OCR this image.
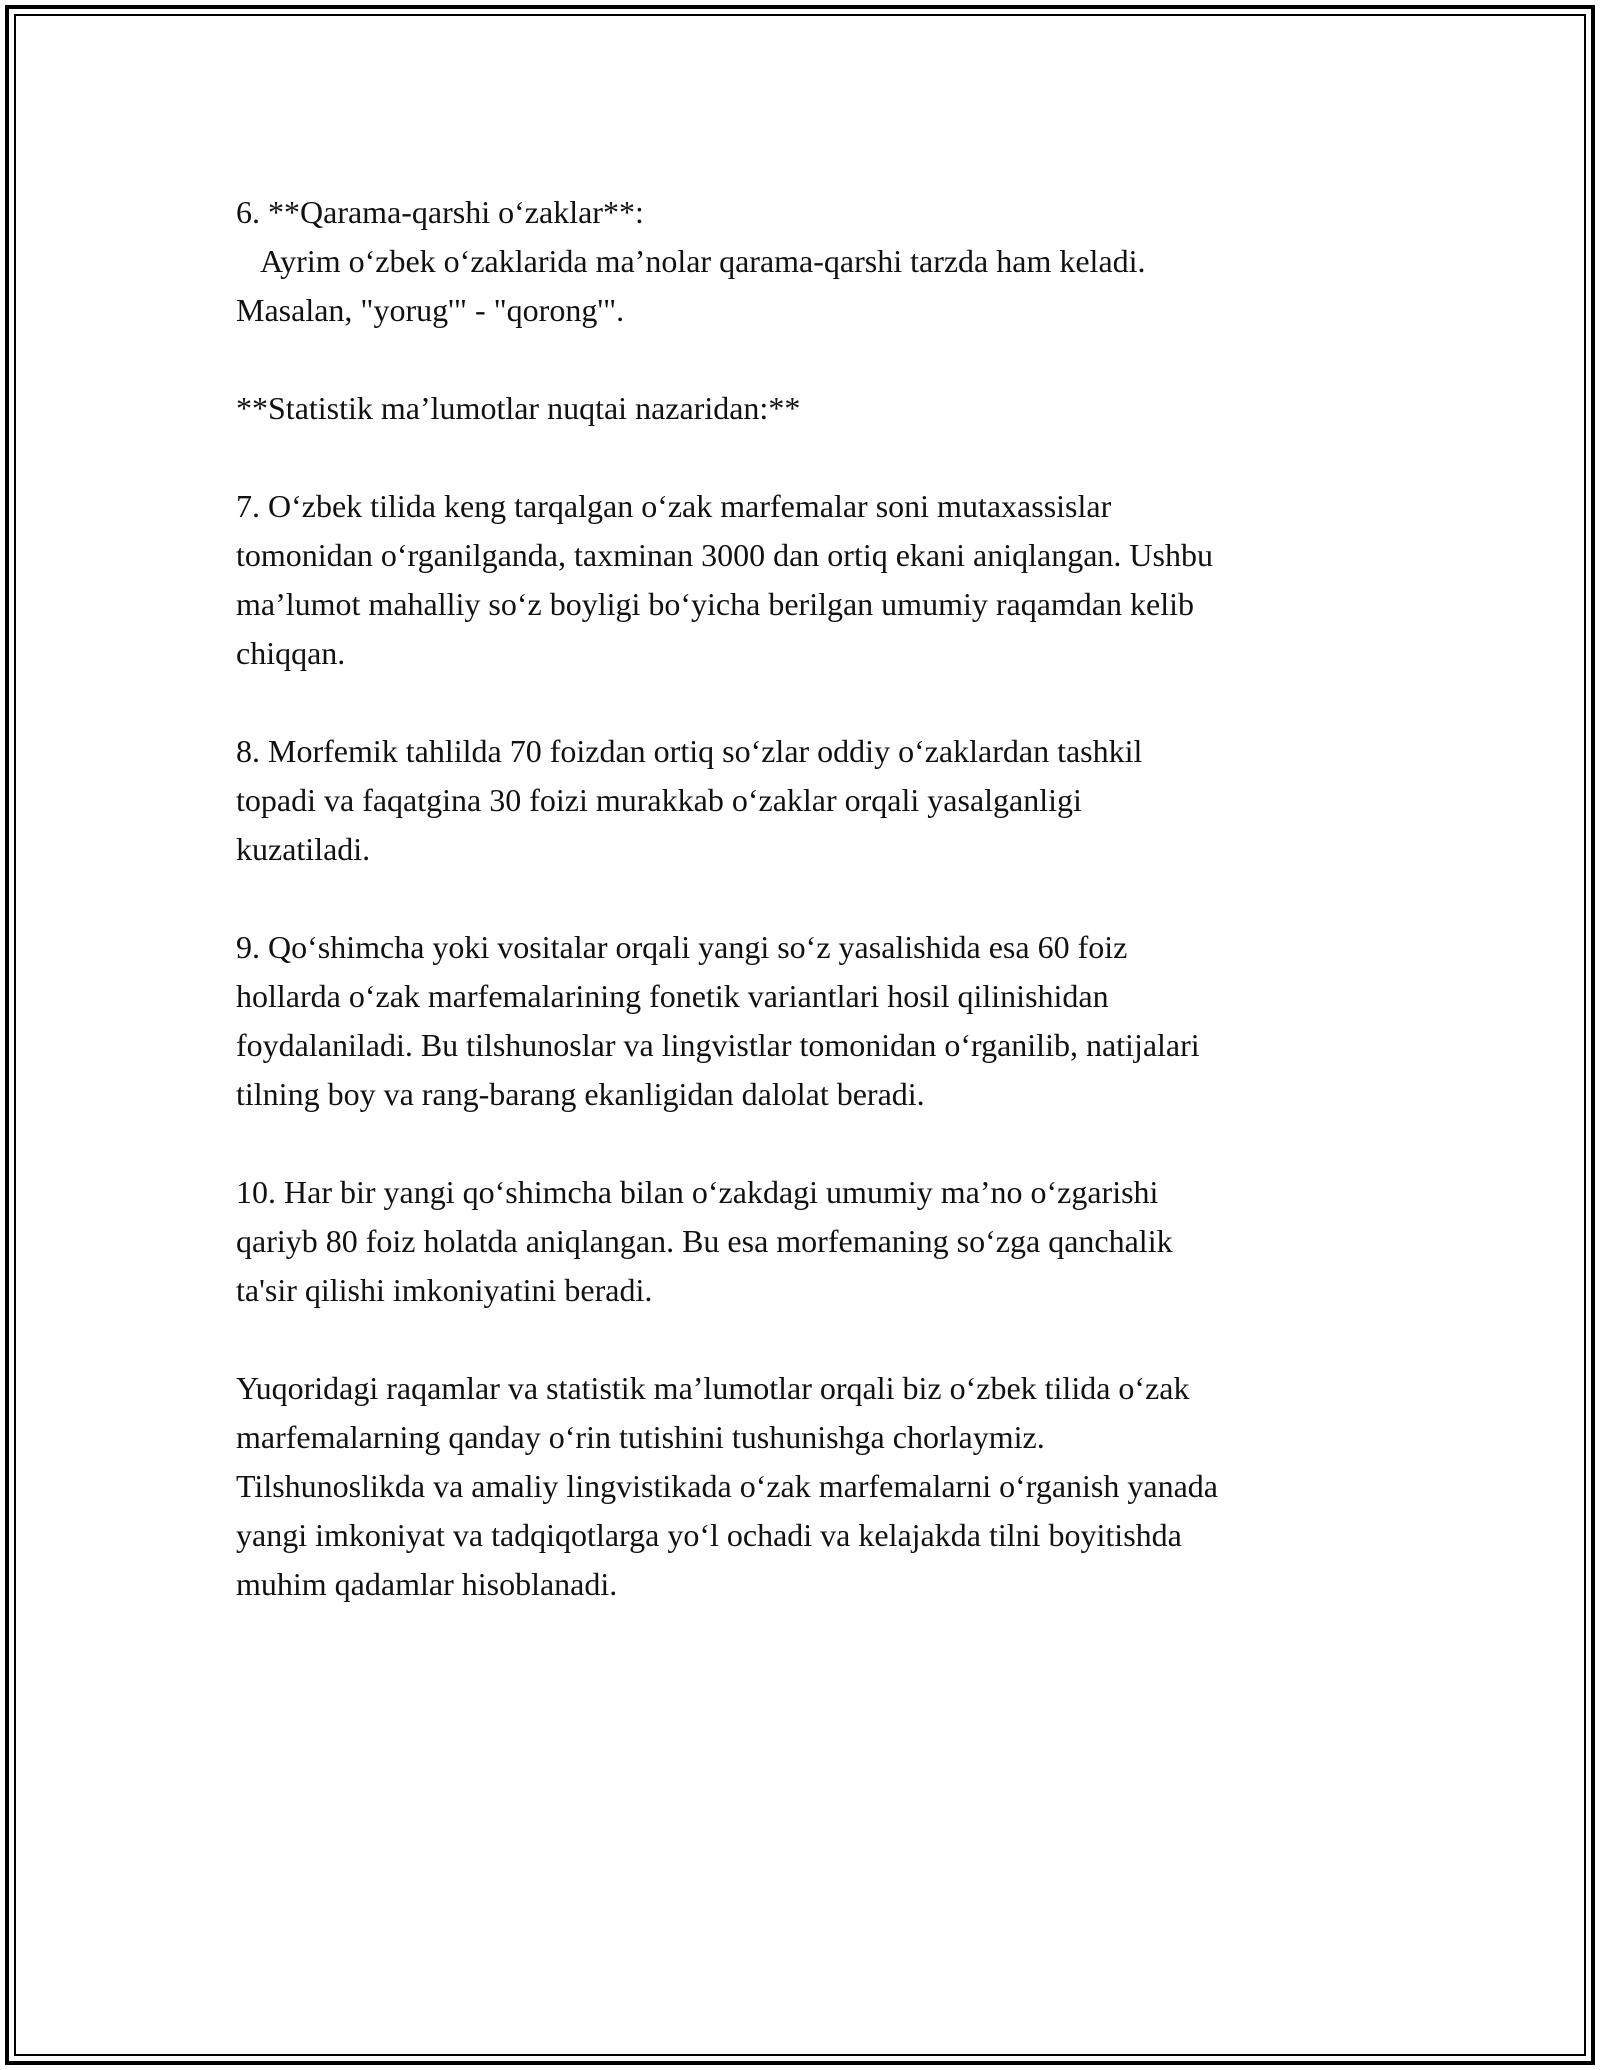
6. **Qarama-qarshi o‘zaklar**:

Ayrim o‘zbek o‘zaklarida ma’nolar qarama-qarshi tarzda ham keladi.
Masalan, "yorug'" - "qorong'".

**Statistik ma’lumotlar nuqtai nazaridan:**

7. O‘zbek tilida keng tarqalgan o‘zak marfemalar soni mutaxassislar
tomonidan o‘rganilganda, taxminan 3000 dan ortiq ekani aniqlangan. Ushbu
ma’lumot mahalliy so‘z boyligi bo‘yicha berilgan umumiy raqamdan kelib
chiqqan.

8. Morfemik tahlilda 70 foizdan ortiq so‘zlar oddiy o‘zaklardan tashkil
topadi va faqatgina 30 foizi murakkab o‘zaklar orqali yasalganligi
kuzatiladi.

9. Qo‘shimcha yoki vositalar orqali yangi so‘z yasalishida esa 60 foiz
hollarda o‘zak marfemalarining fonetik variantlari hosil qilinishidan
foydalaniladi. Bu tilshunoslar va lingvistlar tomonidan o‘rganilib, natijalari
tilning boy va rang-barang ekanligidan dalolat beradi.

10. Har bir yangi qo‘shimcha bilan o‘zakdagi umumiy ma’no o‘zgarishi
qariyb 80 foiz holatda aniqlangan. Bu esa morfemaning so‘zga qanchalik
ta'sir qilishi imkoniyatini beradi.

Yuqoridagi raqamlar va statistik ma’lumotlar orqali biz o‘zbek tilida o‘zak
marfemalarning qanday o‘rin tutishini tushunishga chorlaymiz.
Tilshunoslikda va amaliy lingvistikada o‘zak marfemalarni o‘rganish yanada
yangi imkoniyat va tadqiqotlarga yo‘l ochadi va kelajakda tilni boyitishda
muhim qadamlar hisoblanadi.
